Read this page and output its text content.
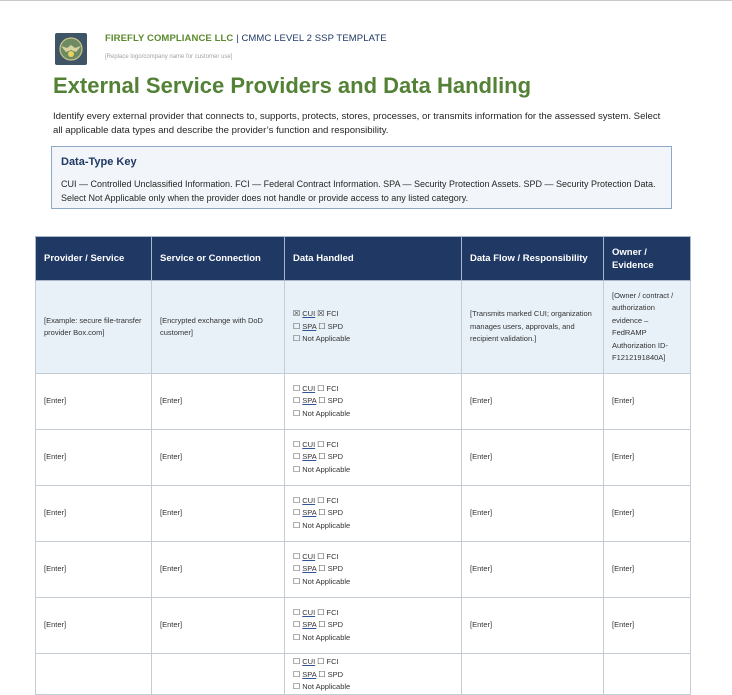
FIREFLY COMPLIANCE LLC | CMMC LEVEL 2 SSP TEMPLATE
[Replace logo/company name for customer use]
External Service Providers and Data Handling

Identify every external provider that connects to, supports, protects, stores, processes, or transmits information for the assessed system. Select all applicable data types and describe the provider’s function and responsibility.

Data-Type Key

CUI — Controlled Unclassified Information. FCI — Federal Contract Information. SPA — Security Protection Assets. SPD — Security Protection Data. Select Not Applicable only when the provider does not handle or provide access to any listed category.

Provider / Service	Service or Connection	Data Handled	Data Flow / Responsibility	Owner / Evidence
[Example: secure file-transfer provider Box.com]	[Encrypted exchange with DoD customer]	☒ CUI ☒ FCI
☐ SPA ☐ SPD
☐ Not Applicable	[Transmits marked CUI; organization manages users, approvals, and recipient validation.]	[Owner / contract / authorization evidence – FedRAMP Authorization ID-F1212191840A]
[Enter]	[Enter]	☐ CUI ☐ FCI
☐ SPA ☐ SPD
☐ Not Applicable	[Enter]	[Enter]
[Enter]	[Enter]	☐ CUI ☐ FCI
☐ SPA ☐ SPD
☐ Not Applicable	[Enter]	[Enter]
[Enter]	[Enter]	☐ CUI ☐ FCI
☐ SPA ☐ SPD
☐ Not Applicable	[Enter]	[Enter]
[Enter]	[Enter]	☐ CUI ☐ FCI
☐ SPA ☐ SPD
☐ Not Applicable	[Enter]	[Enter]
[Enter]	[Enter]	☐ CUI ☐ FCI
☐ SPA ☐ SPD
☐ Not Applicable	[Enter]	[Enter]

		☐ CUI ☐ FCI
☐ SPA ☐ SPD
☐ Not Applicable		
